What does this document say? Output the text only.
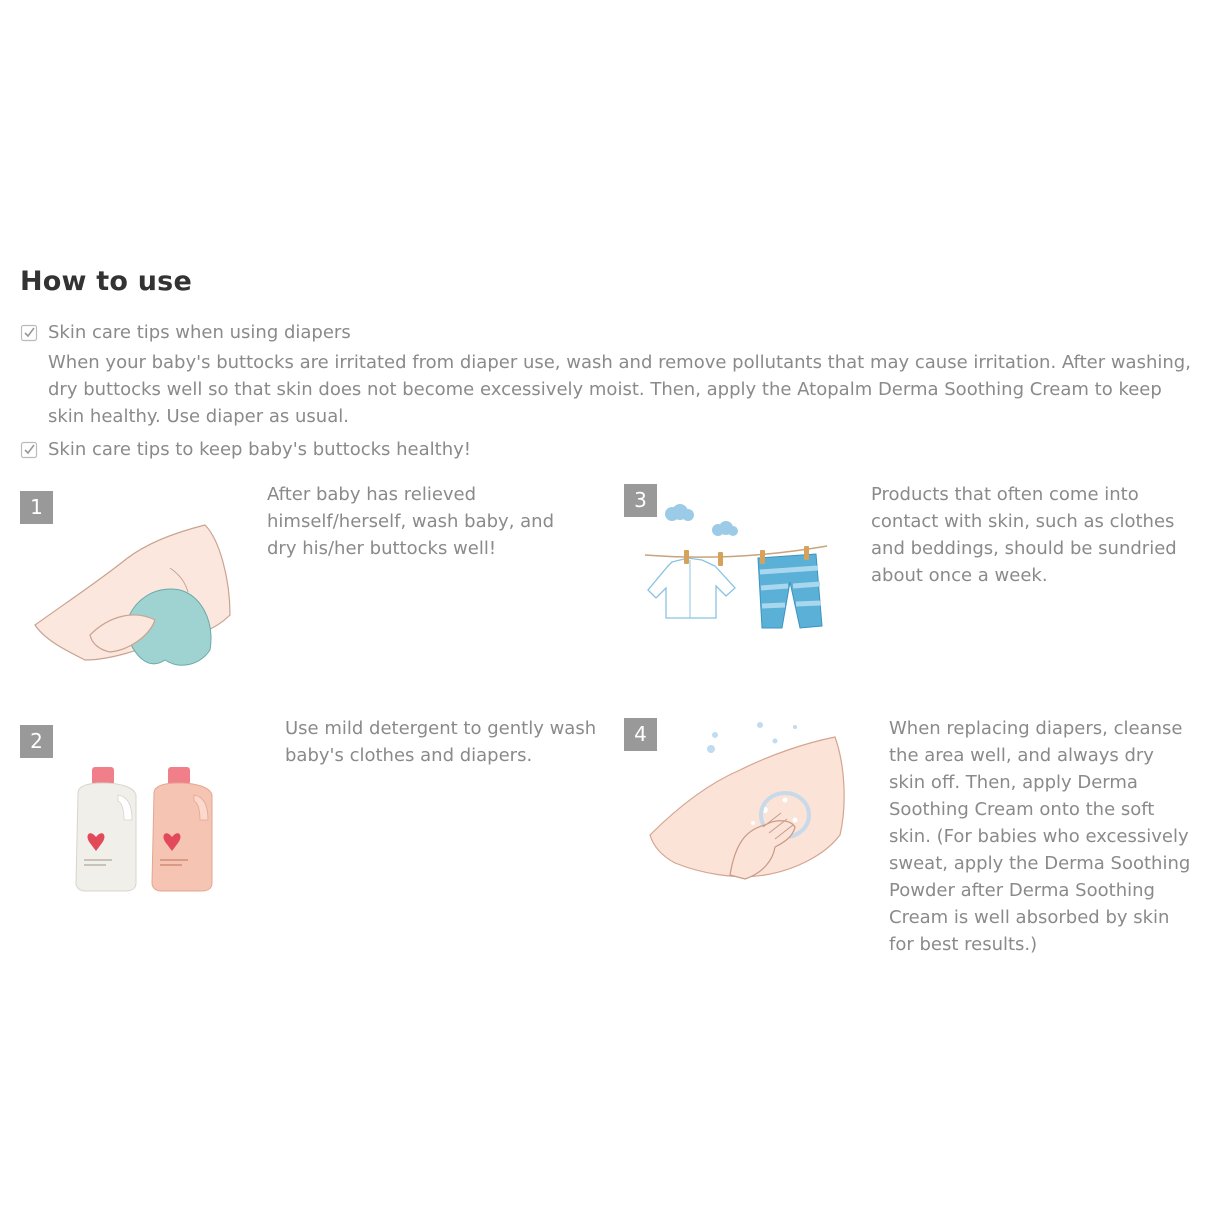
How to use
Skin care tips when using diapers
When your baby's buttocks are irritated from diaper use, wash and remove pollutants that may cause irritation. After washing, dry buttocks well so that skin does not become excessively moist. Then, apply the Atopalm Derma Soothing Cream to keep skin healthy. Use diaper as usual.
Skin care tips to keep baby's buttocks healthy!
1
After baby has relieved himself/herself, wash baby, and dry his/her buttocks well!
2
Use mild detergent to gently wash baby's clothes and diapers.
3	Products that often come into contact with skin, such as clothes and beddings, should be sundried about once a week.
4	When replacing diapers, cleanse the area well, and always dry skin off. Then, apply Derma Soothing Cream onto the soft skin. (For babies who excessively sweat, apply the Derma Soothing Powder after Derma Soothing Cream is well absorbed by skin for best results.)
